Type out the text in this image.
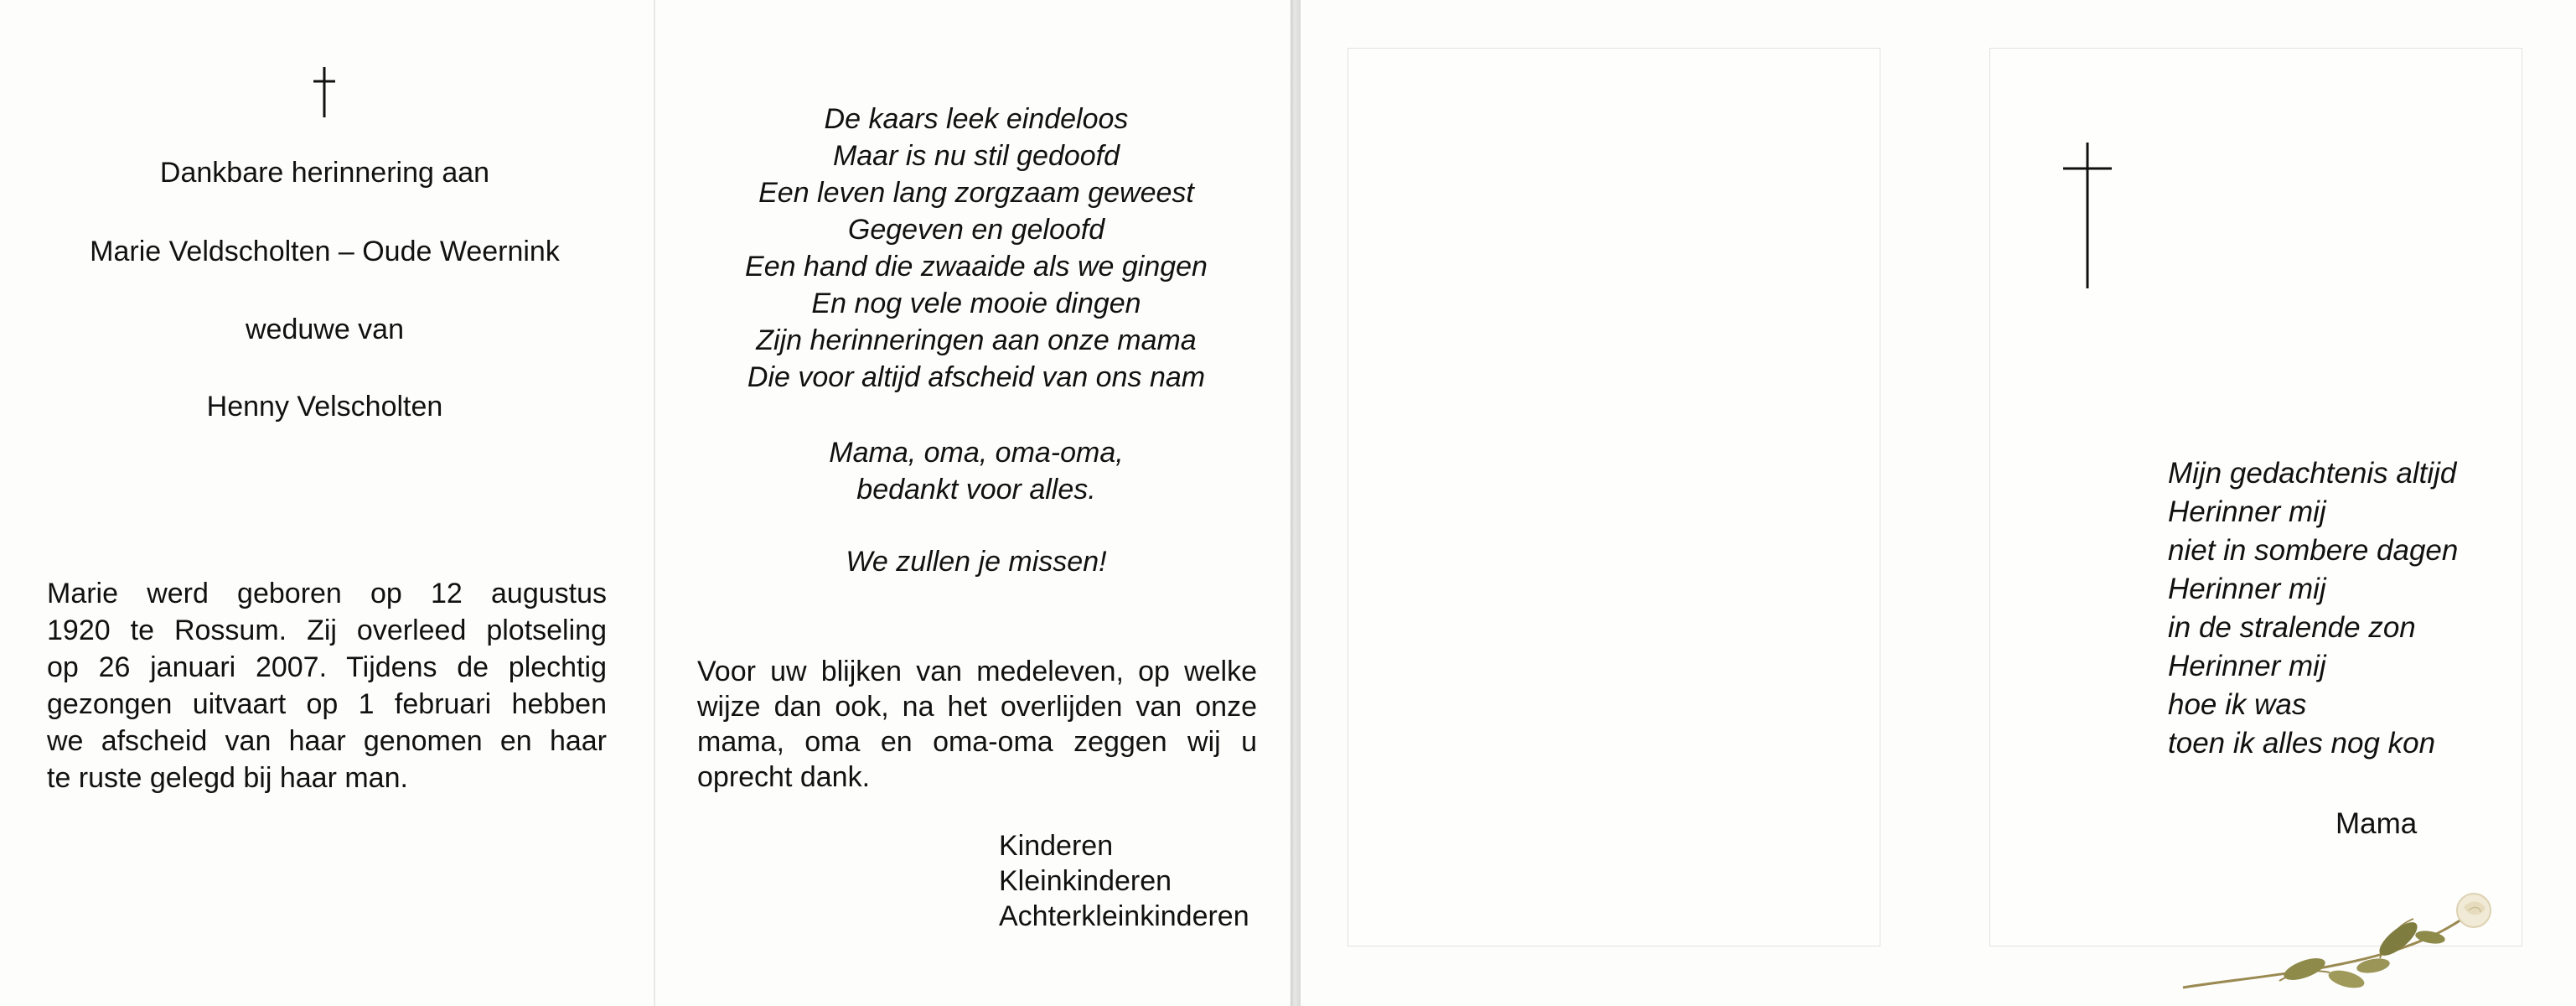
Dankbare herinnering aan
Marie Veldscholten – Oude Weernink
weduwe van
Henny Velscholten
Marie werd geboren op 12 augustus
1920 te Rossum. Zij overleed plotseling
op 26 januari 2007. Tijdens de plechtig
gezongen uitvaart op 1 februari hebben
we afscheid van haar genomen en haar
te ruste gelegd bij haar man.
De kaars leek eindeloos
Maar is nu stil gedoofd
Een leven lang zorgzaam geweest
Gegeven en geloofd
Een hand die zwaaide als we gingen
En nog vele mooie dingen
Zijn herinneringen aan onze mama
Die voor altijd afscheid van ons nam
Mama, oma, oma-oma,
bedankt voor alles.
We zullen je missen!
Voor uw blijken van medeleven, op welke
wijze dan ook, na het overlijden van onze
mama, oma en oma-oma zeggen wij u
oprecht dank.
Kinderen
Kleinkinderen
Achterkleinkinderen
Mijn gedachtenis altijd
Herinner mij
niet in sombere dagen
Herinner mij
in de stralende zon
Herinner mij
hoe ik was
toen ik alles nog kon
Mama
